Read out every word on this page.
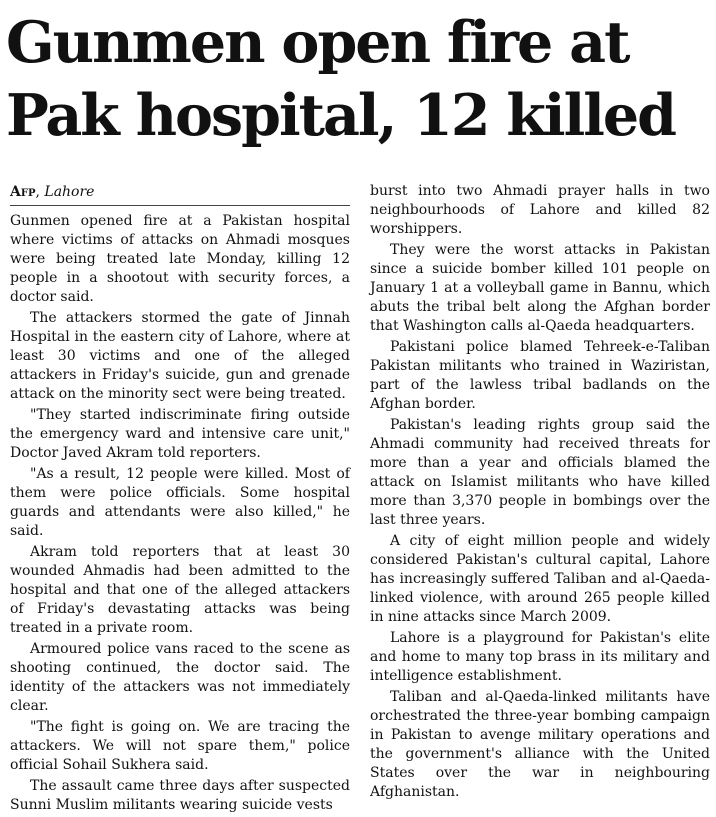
Gunmen open fire at Pak hospital, 12 killed
Afp, Lahore

Gunmen opened fire at a Pakistan hospital where victims of attacks on Ahmadi mosques were being treated late Monday, killing 12 people in a shootout with security forces, a doctor said.

The attackers stormed the gate of Jinnah Hospital in the eastern city of Lahore, where at least 30 victims and one of the alleged attackers in Friday's suicide, gun and grenade attack on the minority sect were being treated.

"They started indiscriminate firing outside the emergency ward and intensive care unit," Doctor Javed Akram told reporters.

"As a result, 12 people were killed. Most of them were police officials. Some hospital guards and attendants were also killed," he said.

Akram told reporters that at least 30 wounded Ahmadis had been admitted to the hospital and that one of the alleged attackers of Friday's devastating attacks was being treated in a private room.

Armoured police vans raced to the scene as shooting continued, the doctor said. The identity of the attackers was not immediately clear.

"The fight is going on. We are tracing the attackers. We will not spare them," police official Sohail Sukhera said.

The assault came three days after suspected Sunni Muslim militants wearing suicide vests

burst into two Ahmadi prayer halls in two neighbourhoods of Lahore and killed 82 worshippers.

They were the worst attacks in Pakistan since a suicide bomber killed 101 people on January 1 at a volleyball game in Bannu, which abuts the tribal belt along the Afghan border that Washington calls al-Qaeda headquarters.

Pakistani police blamed Tehreek-e-Taliban Pakistan militants who trained in Waziristan, part of the lawless tribal badlands on the Afghan border.

Pakistan's leading rights group said the Ahmadi community had received threats for more than a year and officials blamed the attack on Islamist militants who have killed more than 3,370 people in bombings over the last three years.

A city of eight million people and widely considered Pakistan's cultural capital, Lahore has increasingly suffered Taliban and al-Qaeda-linked violence, with around 265 people killed in nine attacks since March 2009.

Lahore is a playground for Pakistan's elite and home to many top brass in its military and intelligence establishment.

Taliban and al-Qaeda-linked militants have orchestrated the three-year bombing campaign in Pakistan to avenge military operations and the government's alliance with the United States over the war in neighbouring Afghanistan.
